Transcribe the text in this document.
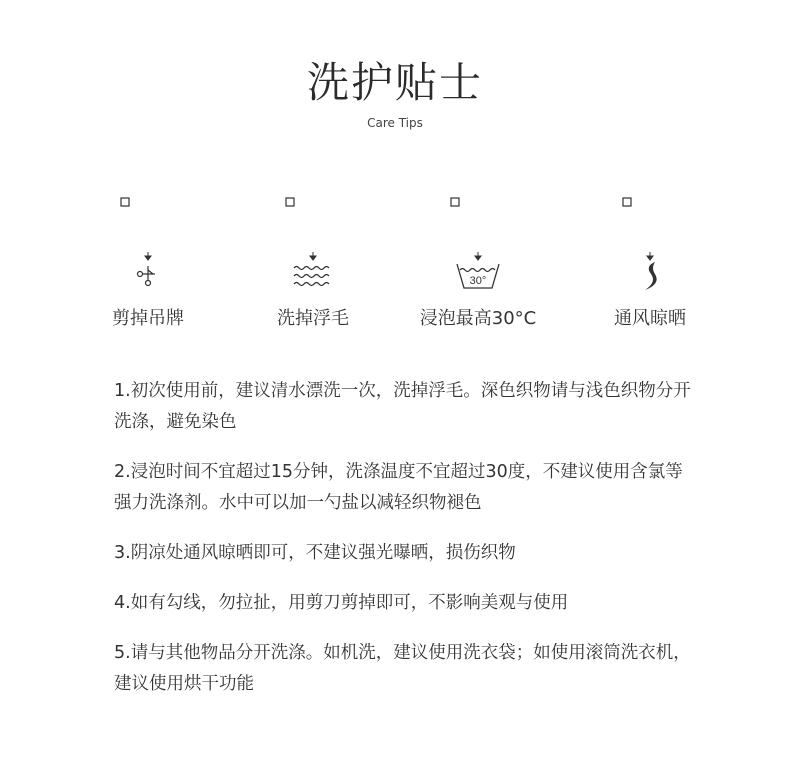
洗护贴士
Care Tips
剪掉吊牌	洗掉浮毛
30°
浸泡最高30°C	通风晾晒
1.初次使用前，建议清水漂洗一次，洗掉浮毛。深色织物请与浅色织物分开洗涤，避免染色
2.浸泡时间不宜超过15分钟，洗涤温度不宜超过30度，不建议使用含氯等强力洗涤剂。水中可以加一勺盐以减轻织物褪色
3.阴凉处通风晾晒即可，不建议强光曝晒，损伤织物
4.如有勾线，勿拉扯，用剪刀剪掉即可，不影响美观与使用
5.请与其他物品分开洗涤。如机洗，建议使用洗衣袋；如使用滚筒洗衣机，建议使用烘干功能
